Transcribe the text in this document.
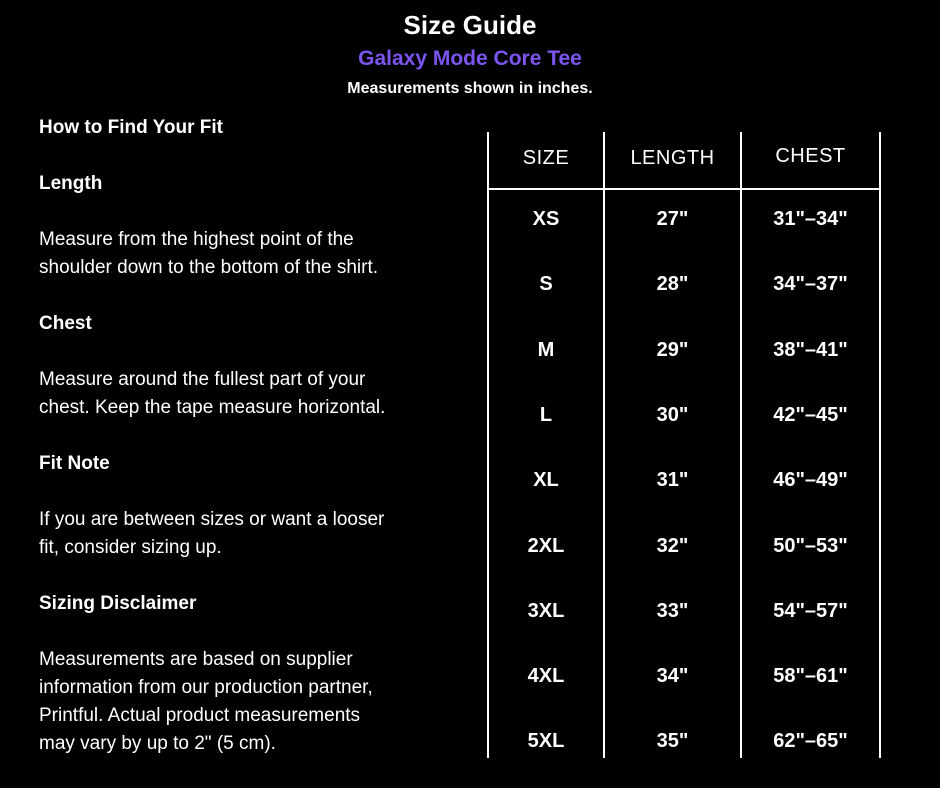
Size Guide
Galaxy Mode Core Tee
Measurements shown in inches.

How to Find Your Fit

Length

Measure from the highest point of the

shoulder down to the bottom of the shirt.

Chest

Measure around the fullest part of your

chest. Keep the tape measure horizontal.

Fit Note

If you are between sizes or want a looser

fit, consider sizing up.

Sizing Disclaimer

Measurements are based on supplier

information from our production partner,

Printful. Actual product measurements

may vary by up to 2" (5 cm).

SIZE	LENGTH	CHEST
XS	27"	31"–34"
S	28"	34"–37"
M	29"	38"–41"
L	30"	42"–45"
XL	31"	46"–49"
2XL	32"	50"–53"
3XL	33"	54"–57"
4XL	34"	58"–61"
5XL	35"	62"–65"
